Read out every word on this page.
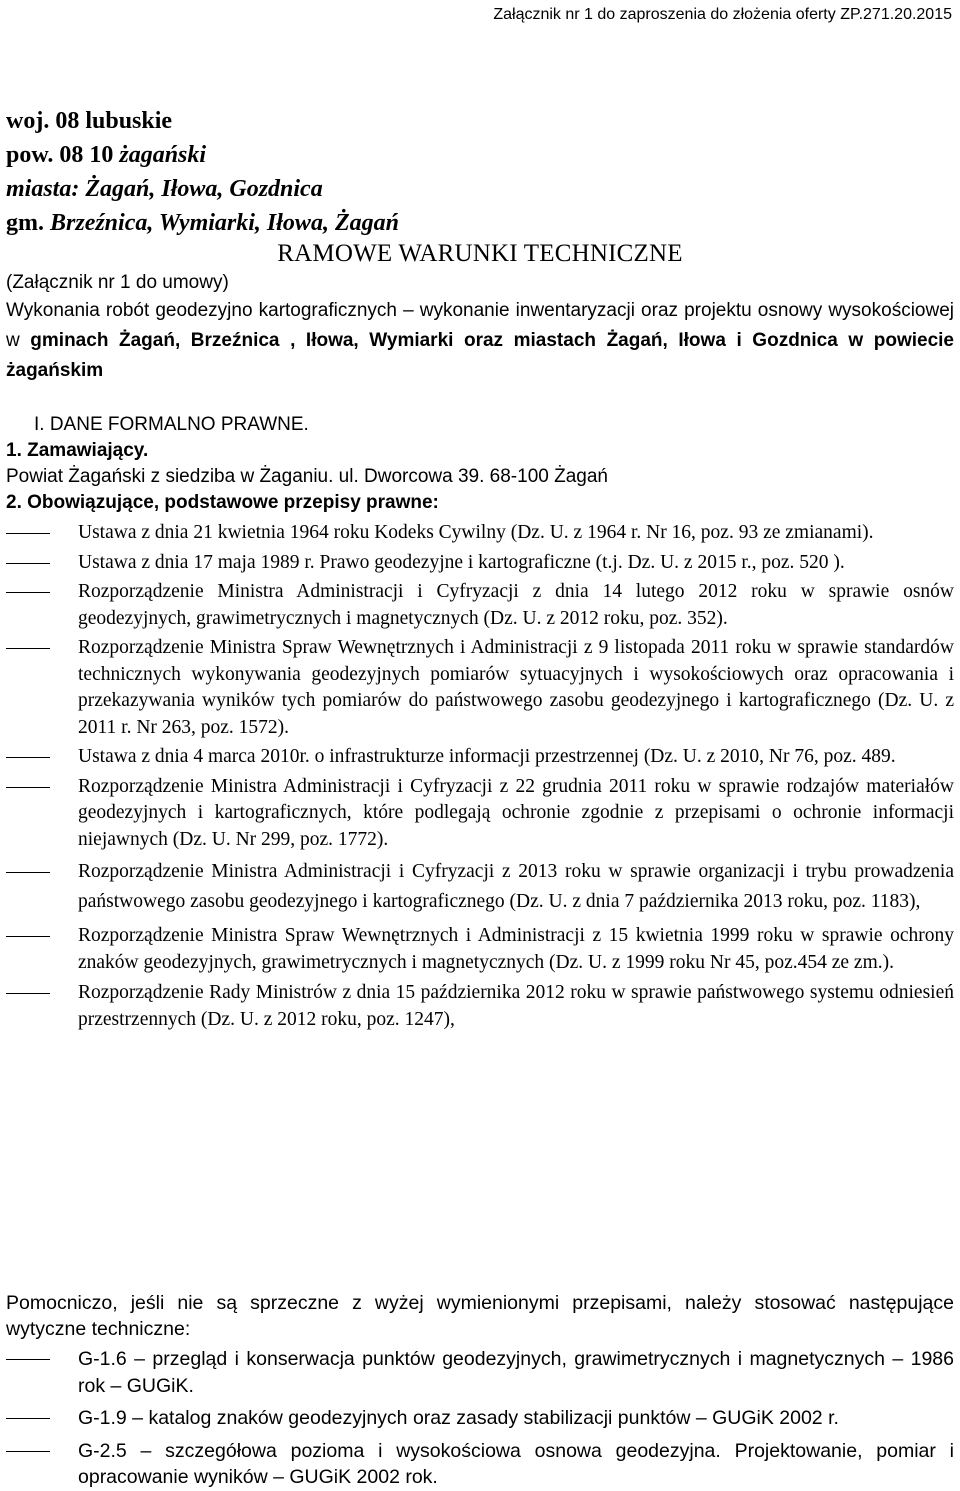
Załącznik nr 1 do zaproszenia do złożenia oferty ZP.271.20.2015
woj. 08 lubuskie
pow. 08 10 żagański
miasta: Żagań, Iłowa, Gozdnica
gm. Brzeźnica, Wymiarki, Iłowa, Żagań
RAMOWE WARUNKI TECHNICZNE
(Załącznik nr 1 do umowy)
Wykonania robót geodezyjno kartograficznych – wykonanie inwentaryzacji oraz projektu osnowy wysokościowej w gminach Żagań, Brzeźnica , Iłowa, Wymiarki oraz miastach Żagań, Iłowa i Gozdnica w powiecie żagańskim
I. DANE FORMALNO PRAWNE.
1. Zamawiający.
Powiat Żagański z siedziba w Żaganiu. ul. Dworcowa 39. 68-100 Żagań
2. Obowiązujące, podstawowe przepisy prawne:
Ustawa z dnia 21 kwietnia 1964 roku Kodeks Cywilny (Dz. U. z 1964 r. Nr 16, poz. 93 ze zmianami).
Ustawa z dnia 17 maja 1989 r. Prawo geodezyjne i kartograficzne (t.j. Dz. U. z 2015 r., poz. 520 ).
Rozporządzenie Ministra Administracji i Cyfryzacji z dnia 14 lutego 2012 roku w sprawie osnów geodezyjnych, grawimetrycznych i magnetycznych (Dz. U. z 2012 roku, poz. 352).
Rozporządzenie Ministra Spraw Wewnętrznych i Administracji z 9 listopada 2011 roku w sprawie standardów technicznych wykonywania geodezyjnych pomiarów sytuacyjnych i wysokościowych oraz opracowania i przekazywania wyników tych pomiarów do państwowego zasobu geodezyjnego i kartograficznego (Dz. U. z 2011 r. Nr 263, poz. 1572).
Ustawa z dnia 4 marca 2010r. o infrastrukturze informacji przestrzennej (Dz. U. z 2010, Nr 76, poz. 489.
Rozporządzenie Ministra Administracji i Cyfryzacji z 22 grudnia 2011 roku w sprawie rodzajów materiałów geodezyjnych i kartograficznych, które podlegają ochronie zgodnie z przepisami o ochronie informacji niejawnych (Dz. U. Nr 299, poz. 1772).
Rozporządzenie Ministra Administracji i Cyfryzacji z 2013 roku w sprawie organizacji i trybu prowadzenia państwowego zasobu geodezyjnego i kartograficznego (Dz. U. z dnia 7 października 2013 roku, poz. 1183),
Rozporządzenie Ministra Spraw Wewnętrznych i Administracji z 15 kwietnia 1999 roku w sprawie ochrony znaków geodezyjnych, grawimetrycznych i magnetycznych (Dz. U. z 1999 roku Nr 45, poz.454 ze zm.).
Rozporządzenie Rady Ministrów z dnia 15 października 2012 roku w sprawie państwowego systemu odniesień przestrzennych (Dz. U. z 2012 roku, poz. 1247),
Pomocniczo, jeśli nie są sprzeczne z wyżej wymienionymi przepisami, należy stosować następujące wytyczne techniczne:
G-1.6 – przegląd i konserwacja punktów geodezyjnych, grawimetrycznych i magnetycznych – 1986 rok – GUGiK.
G-1.9 – katalog znaków geodezyjnych oraz zasady stabilizacji punktów – GUGiK 2002 r.
G-2.5 – szczegółowa pozioma i wysokościowa osnowa geodezyjna. Projektowanie, pomiar i opracowanie wyników – GUGiK 2002 rok.
